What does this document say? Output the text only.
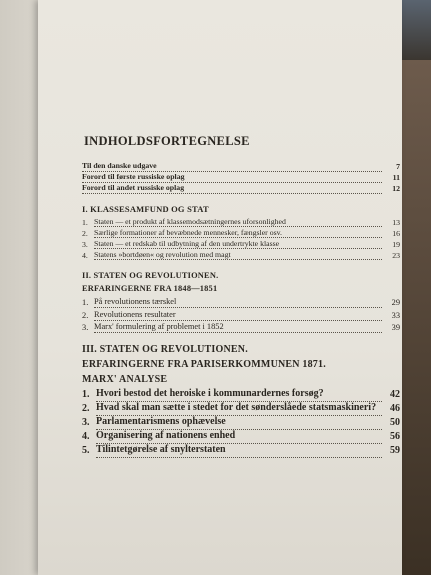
INDHOLDSFORTEGNELSE
Til den danske udgave	7
Forord til første russiske oplag	11
Forord til andet russiske oplag	12
I. KLASSESAMFUND OG STAT
1. Staten — et produkt af klassemodsætningernes uforsonlighed	13
2. Særlige formationer af bevæbnede mennesker, fængsler osv.	16
3. Staten — et redskab til udbytning af den undertrykte klasse	19
4. Statens »bortdøen« og revolution med magt	23
II. STATEN OG REVOLUTIONEN.
ERFARINGERNE FRA 1848—1851
1. På revolutionens tærskel	29
2. Revolutionens resultater	33
3. Marx' formulering af problemet i 1852	39
III. STATEN OG REVOLUTIONEN.
ERFARINGERNE FRA PARISERKOMMUNEN 1871.
MARX' ANALYSE
1. Hvori bestod det heroiske i kommunardernes forsøg?	42
2. Hvad skal man sætte i stedet for det sønderslåede statsmaskineri?	46
3. Parlamentarismens ophævelse	50
4. Organisering af nationens enhed	56
5. Tilintetgørelse af snylterstaten	59
